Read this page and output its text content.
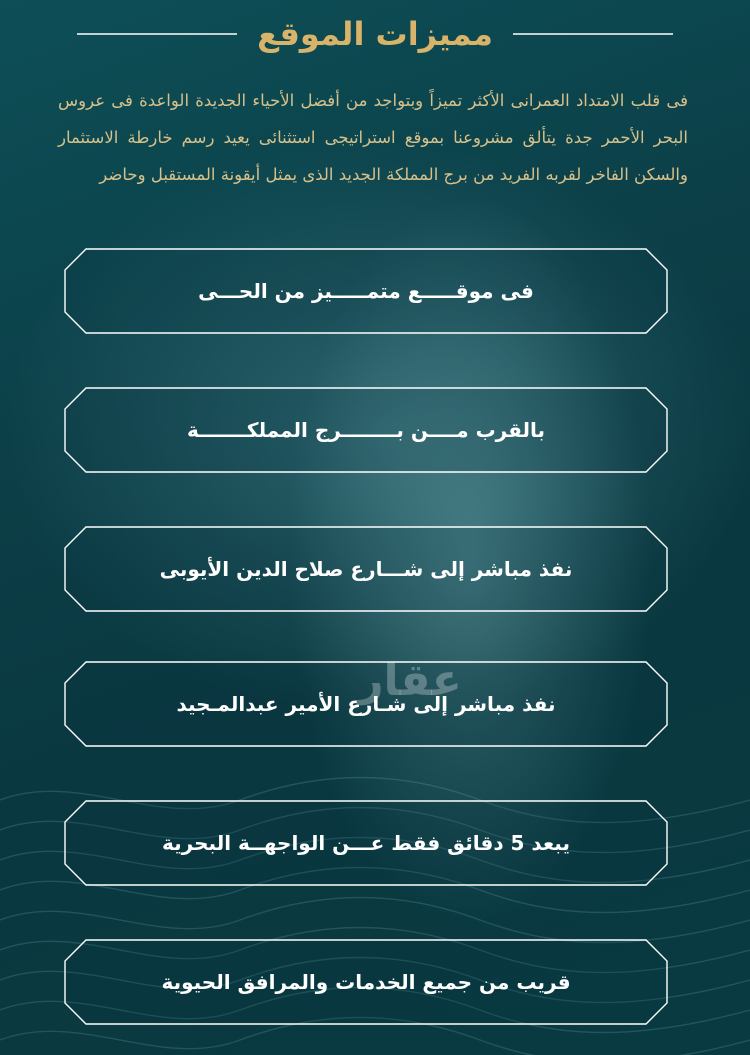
مميزات الموقع
فى قلب الامتداد العمرانى الأكثر تميزاً وبتواجد من أفضل الأحياء الجديدة الواعدة فى عروس البحر الأحمر جدة يتألق مشروعنا بموقع استراتيجى استثنائى يعيد رسم خارطة الاستثمار والسكن الفاخر لقربه الفريد من برج المملكة الجديد الذى يمثل أيقونة المستقبل وحاضر
فى موقـــــع متمـــــيز من الحـــى
بالقرب مــــن بــــــــرج المملكـــــــة
نفذ مباشر إلى شـــارع صلاح الدين الأيوبى
نفذ مباشر إلى شـارع الأمير عبدالمـجيد
يبعد 5 دقائق فقط عـــن الواجهــة البحرية
قريب من جميع الخدمات والمرافق الحيوية
عقار
